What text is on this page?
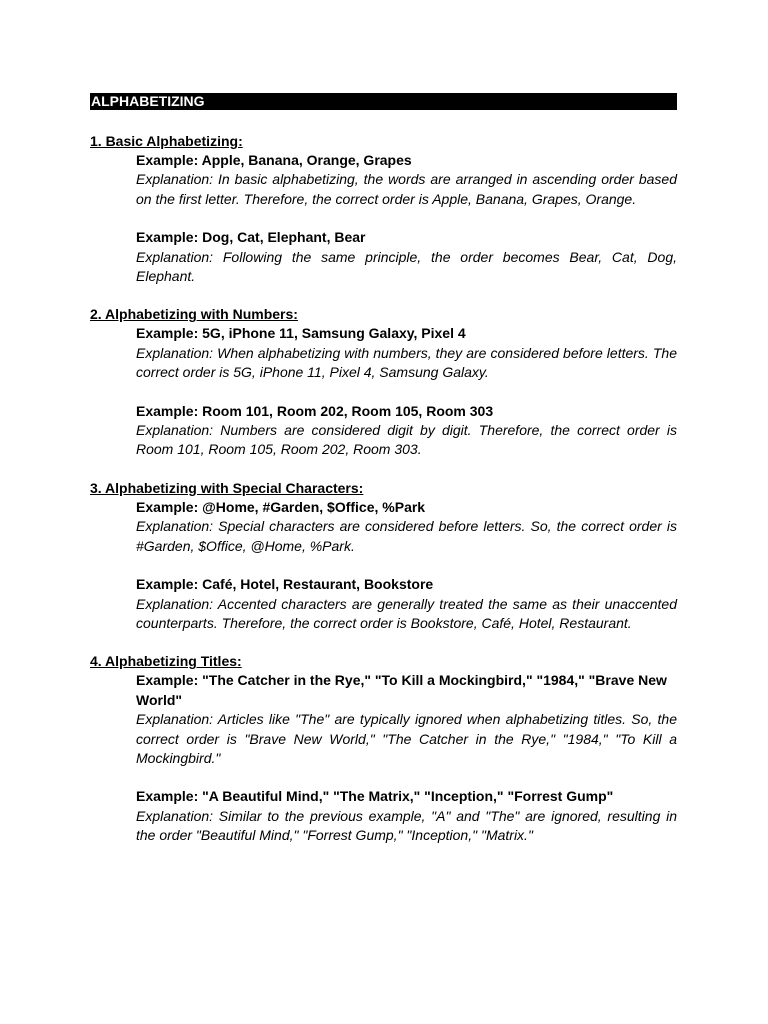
ALPHABETIZING
1. Basic Alphabetizing:
Example: Apple, Banana, Orange, Grapes
Explanation: In basic alphabetizing, the words are arranged in ascending order based on the first letter. Therefore, the correct order is Apple, Banana, Grapes, Orange.
Example: Dog, Cat, Elephant, Bear
Explanation: Following the same principle, the order becomes Bear, Cat, Dog, Elephant.
2. Alphabetizing with Numbers:
Example: 5G, iPhone 11, Samsung Galaxy, Pixel 4
Explanation: When alphabetizing with numbers, they are considered before letters. The correct order is 5G, iPhone 11, Pixel 4, Samsung Galaxy.
Example: Room 101, Room 202, Room 105, Room 303
Explanation: Numbers are considered digit by digit. Therefore, the correct order is Room 101, Room 105, Room 202, Room 303.
3. Alphabetizing with Special Characters:
Example: @Home, #Garden, $Office, %Park
Explanation: Special characters are considered before letters. So, the correct order is #Garden, $Office, @Home, %Park.
Example: Café, Hotel, Restaurant, Bookstore
Explanation: Accented characters are generally treated the same as their unaccented counterparts. Therefore, the correct order is Bookstore, Café, Hotel, Restaurant.
4. Alphabetizing Titles:
Example: "The Catcher in the Rye," "To Kill a Mockingbird," "1984," "Brave New World"
Explanation: Articles like "The" are typically ignored when alphabetizing titles. So, the correct order is "Brave New World," "The Catcher in the Rye," "1984," "To Kill a Mockingbird."
Example: "A Beautiful Mind," "The Matrix," "Inception," "Forrest Gump"
Explanation: Similar to the previous example, "A" and "The" are ignored, resulting in the order "Beautiful Mind," "Forrest Gump," "Inception," "Matrix."
